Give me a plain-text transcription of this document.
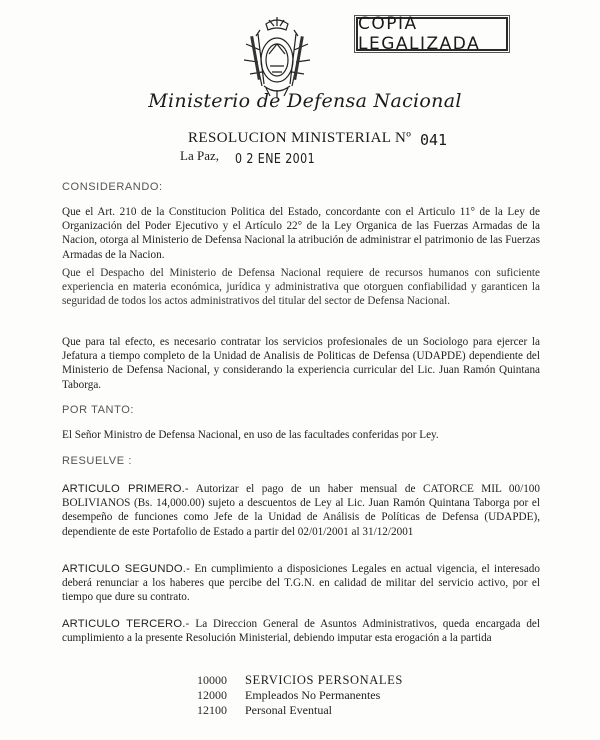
COPIA LEGALIZADA
Ministerio de Defensa Nacional
RESOLUCION MINISTERIAL Nº 041
La Paz, 0 2 ENE 2001
CONSIDERANDO:
Que el Art. 210 de la Constitucion Politica del Estado, concordante con el Articulo 11° de la Ley de Organización del Poder Ejecutivo y el Artículo 22° de la Ley Organica de las Fuerzas Armadas de la Nacion, otorga al Ministerio de Defensa Nacional la atribución de administrar el patrimonio de las Fuerzas Armadas de la Nacion.
Que el Despacho del Ministerio de Defensa Nacional requiere de recursos humanos con suficiente experiencia en materia económica, jurídica y administrativa que otorguen confiabilidad y garanticen la seguridad de todos los actos administrativos del titular del sector de Defensa Nacional.
Que para tal efecto, es necesario contratar los servicios profesionales de un Sociologo para ejercer la Jefatura a tiempo completo de la Unidad de Analisis de Politicas de Defensa (UDAPDE) dependiente del Ministerio de Defensa Nacional, y considerando la experiencia curricular del Lic. Juan Ramón Quintana Taborga.
POR TANTO:
El Señor Ministro de Defensa Nacional, en uso de las facultades conferidas por Ley.
RESUELVE :
ARTICULO PRIMERO.- Autorizar el pago de un haber mensual de CATORCE MIL 00/100 BOLIVIANOS (Bs. 14,000.00) sujeto a descuentos de Ley al Lic. Juan Ramón Quintana Taborga por el desempeño de funciones como Jefe de la Unidad de Análisis de Políticas de Defensa (UDAPDE), dependiente de este Portafolio de Estado a partir del 02/01/2001 al 31/12/2001
ARTICULO SEGUNDO.- En cumplimiento a disposiciones Legales en actual vigencia, el interesado deberá renunciar a los haberes que percibe del T.G.N. en calidad de militar del servicio activo, por el tiempo que dure su contrato.
ARTICULO TERCERO.- La Direccion General de Asuntos Administrativos, queda encargada del cumplimiento a la presente Resolución Ministerial, debiendo imputar esta erogación a la partida
10000	SERVICIOS PERSONALES
12000	Empleados No Permanentes
12100	Personal Eventual
